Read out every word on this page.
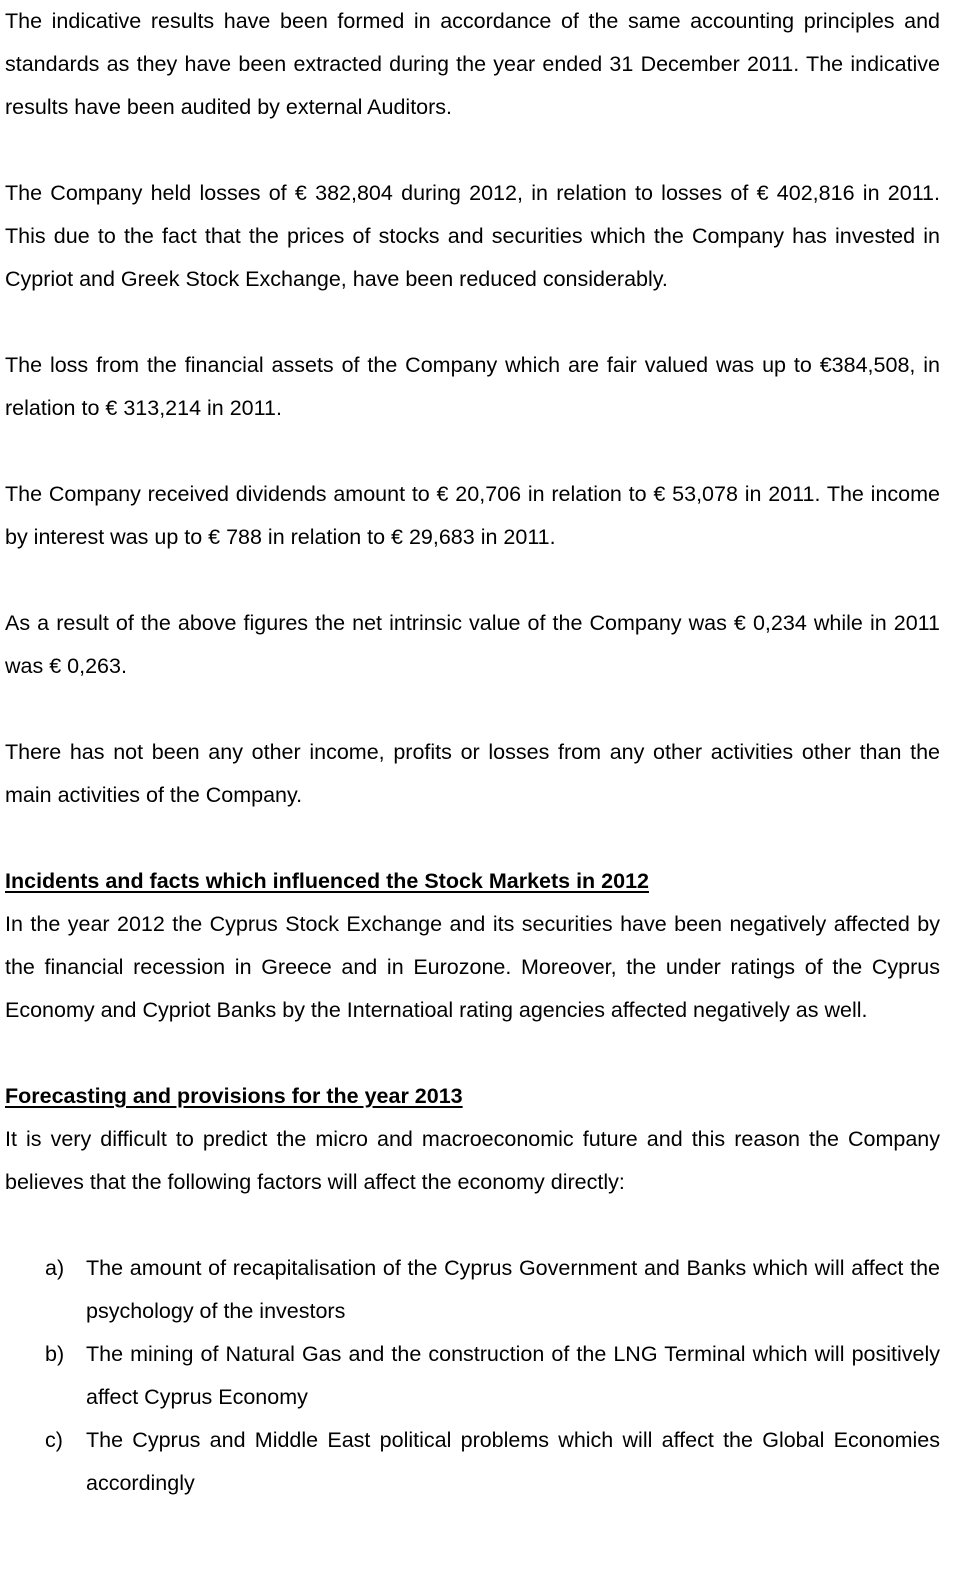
The indicative results have been formed in accordance of the same accounting principles and standards as they have been extracted during the year ended 31 December 2011. The indicative results have been audited by external Auditors.

The Company held losses of € 382,804 during 2012, in relation to losses of € 402,816 in 2011. This due to the fact that the prices of stocks and securities which the Company has invested in Cypriot and Greek Stock Exchange, have been reduced considerably.

The loss from the financial assets of the Company which are fair valued was up to €384,508, in relation to € 313,214 in 2011.

The Company received dividends amount to € 20,706 in relation to € 53,078 in 2011. The income by interest was up to € 788 in relation to € 29,683 in 2011.

As a result of the above figures the net intrinsic value of the Company was € 0,234 while in 2011 was € 0,263.

There has not been any other income, profits or losses from any other activities other than the main activities of the Company.

Incidents and facts which influenced the Stock Markets in 2012

In the year 2012 the Cyprus Stock Exchange and its securities have been negatively affected by the financial recession in Greece and in Eurozone. Moreover, the under ratings of the Cyprus Economy and Cypriot Banks by the Internatioal rating agencies affected negatively as well.

Forecasting and provisions for the year 2013

It is very difficult to predict the micro and macroeconomic future and this reason the Company believes that the following factors will affect the economy directly:

a) The amount of recapitalisation of the Cyprus Government and Banks which will affect the psychology of the investors
b) The mining of Natural Gas and the construction of the LNG Terminal which will positively affect Cyprus Economy
c) The Cyprus and Middle East political problems which will affect the Global Economies accordingly
